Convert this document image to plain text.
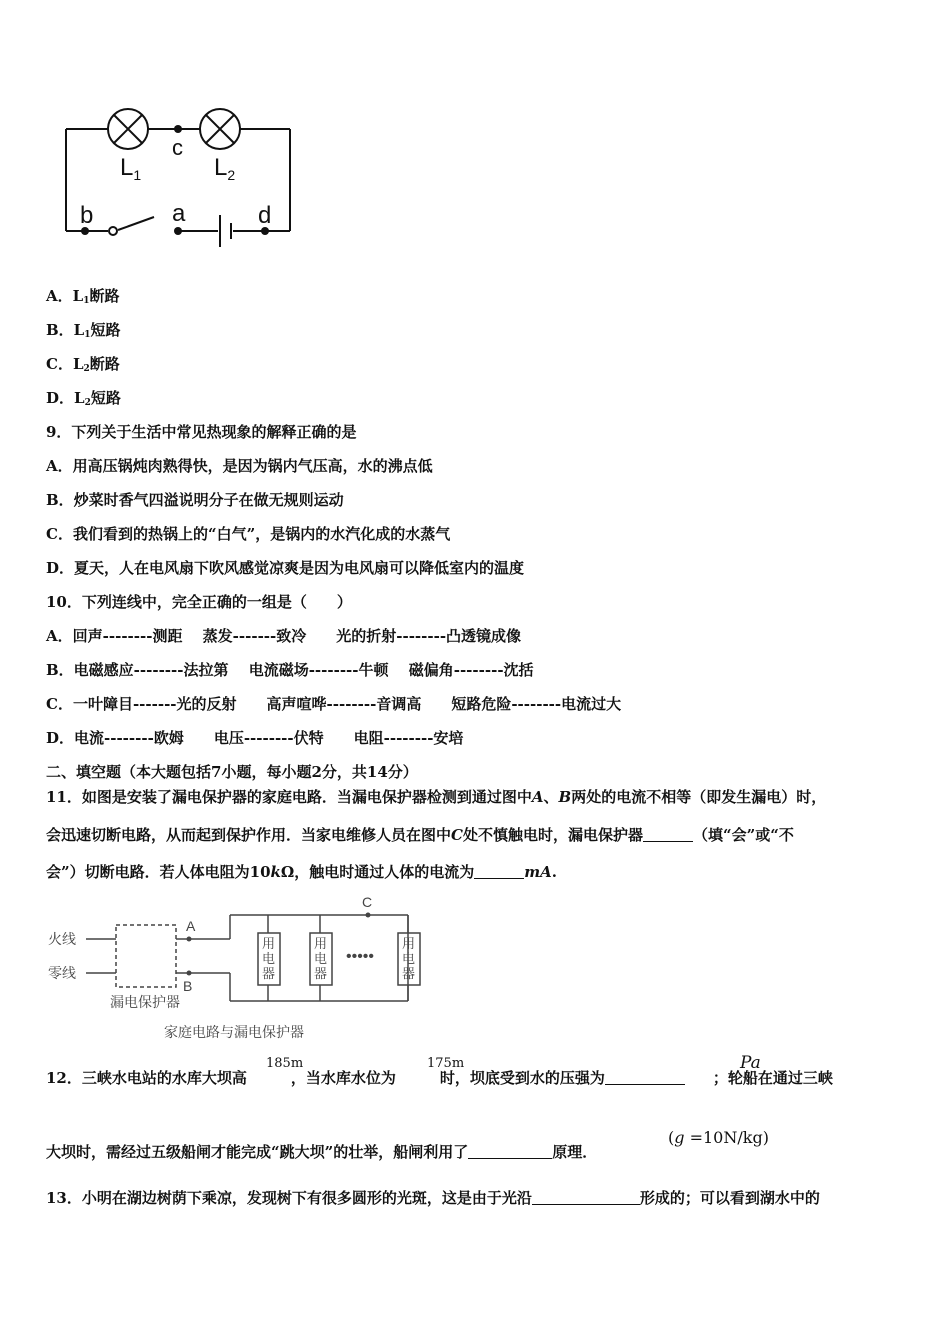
c
$L_1$	$L_2$
b	a	d
A．$L_1$断路
B．$L_1$短路
C．$L_2$断路
D．$L_2$短路
9．下列关于生活中常见热现象的解释正确的是
A．用高压锅炖肉熟得快，是因为锅内气压高，水的沸点低
B．炒菜时香气四溢说明分子在做无规则运动
C．我们看到的热锅上的“白气”，是锅内的水汽化成的水蒸气
D．夏天，人在电风扇下吹风感觉凉爽是因为电风扇可以降低室内的温度
10．下列连线中，完全正确的一组是（　　）
A．回声--------测距　 蒸发-------致冷　　光的折射--------凸透镜成像
B．电磁感应--------法拉第　 电流磁场--------牛顿　 磁偏角--------沈括
C．一叶障目-------光的反射　　高声喧哗--------音调高　　短路危险--------电流过大
D．电流--------欧姆　　电压--------伏特　　电阻--------安培
二、填空题（本大题包括7小题，每小题2分，共14分）
11．如图是安装了漏电保护器的家庭电路．当漏电保护器检测到通过图中A、B两处的电流不相等（即发生漏电）时，
会迅速切断电路，从而起到保护作用．当家电维修人员在图中C处不慎触电时，漏电保护器	（填“会”或“不
会”）切断电路．若人体电阻为10kΩ，触电时通过人体的电流为	mA.
火线
零线
A
B
C
漏电保护器
用
电
器
用
电
器
用
电
器
•••••
家庭电路与漏电保护器
185m	175m	Pa
12．三峡水电站的水库大坝高	，当水库水位为	时，坝底受到水的压强为	；轮船在通过三峡
大坝时，需经过五级船闸才能完成“跳大坝”的壮举，船闸利用了	原理．
(g =10N/kg)
13．小明在湖边树荫下乘凉，发现树下有很多圆形的光斑，这是由于光沿	形成的；可以看到湖水中的
